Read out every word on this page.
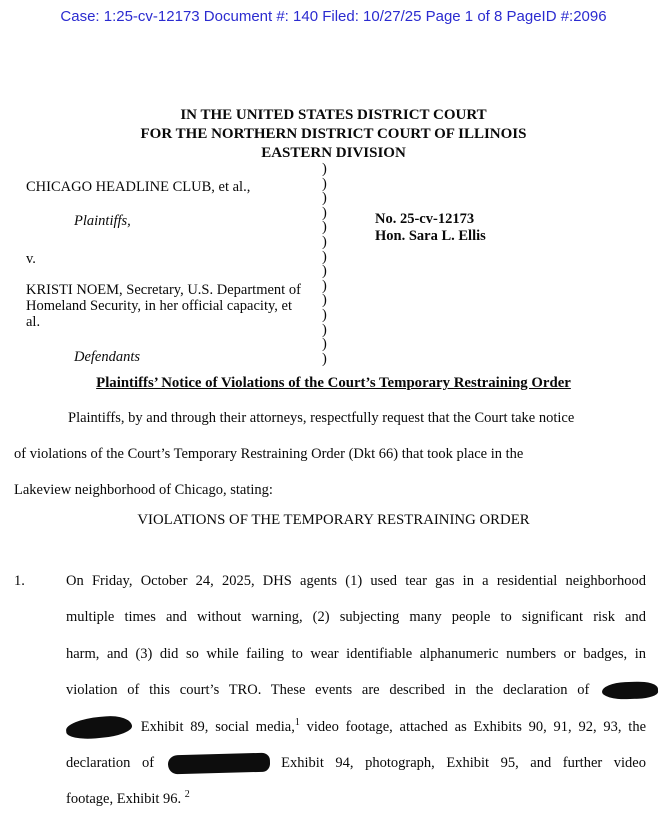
Case: 1:25-cv-12173 Document #: 140 Filed: 10/27/25 Page 1 of 8 PageID #:2096
IN THE UNITED STATES DISTRICT COURT
FOR THE NORTHERN DISTRICT COURT OF ILLINOIS
EASTERN DIVISION
CHICAGO HEADLINE CLUB, et al.,
Plaintiffs,
v.
KRISTI NOEM, Secretary, U.S. Department of
Homeland Security, in her official capacity, et
al.
Defendants
)
)
)
)
)
)
)
)
)
)
)
)
)
)
No. 25-cv-12173
Hon. Sara L. Ellis
Plaintiffs’ Notice of Violations of the Court’s Temporary Restraining Order
Plaintiffs, by and through their attorneys, respectfully request that the Court take notice
of violations of the Court’s Temporary Restraining Order (Dkt 66) that took place in the
Lakeview neighborhood of Chicago, stating:
VIOLATIONS OF THE TEMPORARY RESTRAINING ORDER
1.	On Friday, October 24, 2025, DHS agents (1) used tear gas in a residential neighborhood
multiple times and without warning, (2) subjecting many people to significant risk and
harm, and (3) did so while failing to wear identifiable alphanumeric numbers or badges, in
violation of this court’s TRO. These events are described in the declaration of
Exhibit 89, social media,$^1$ video footage, attached as Exhibits 90, 91, 92, 93, the
declaration of	Exhibit 94, photograph, Exhibit 95, and further video
footage, Exhibit 96. $^2$
